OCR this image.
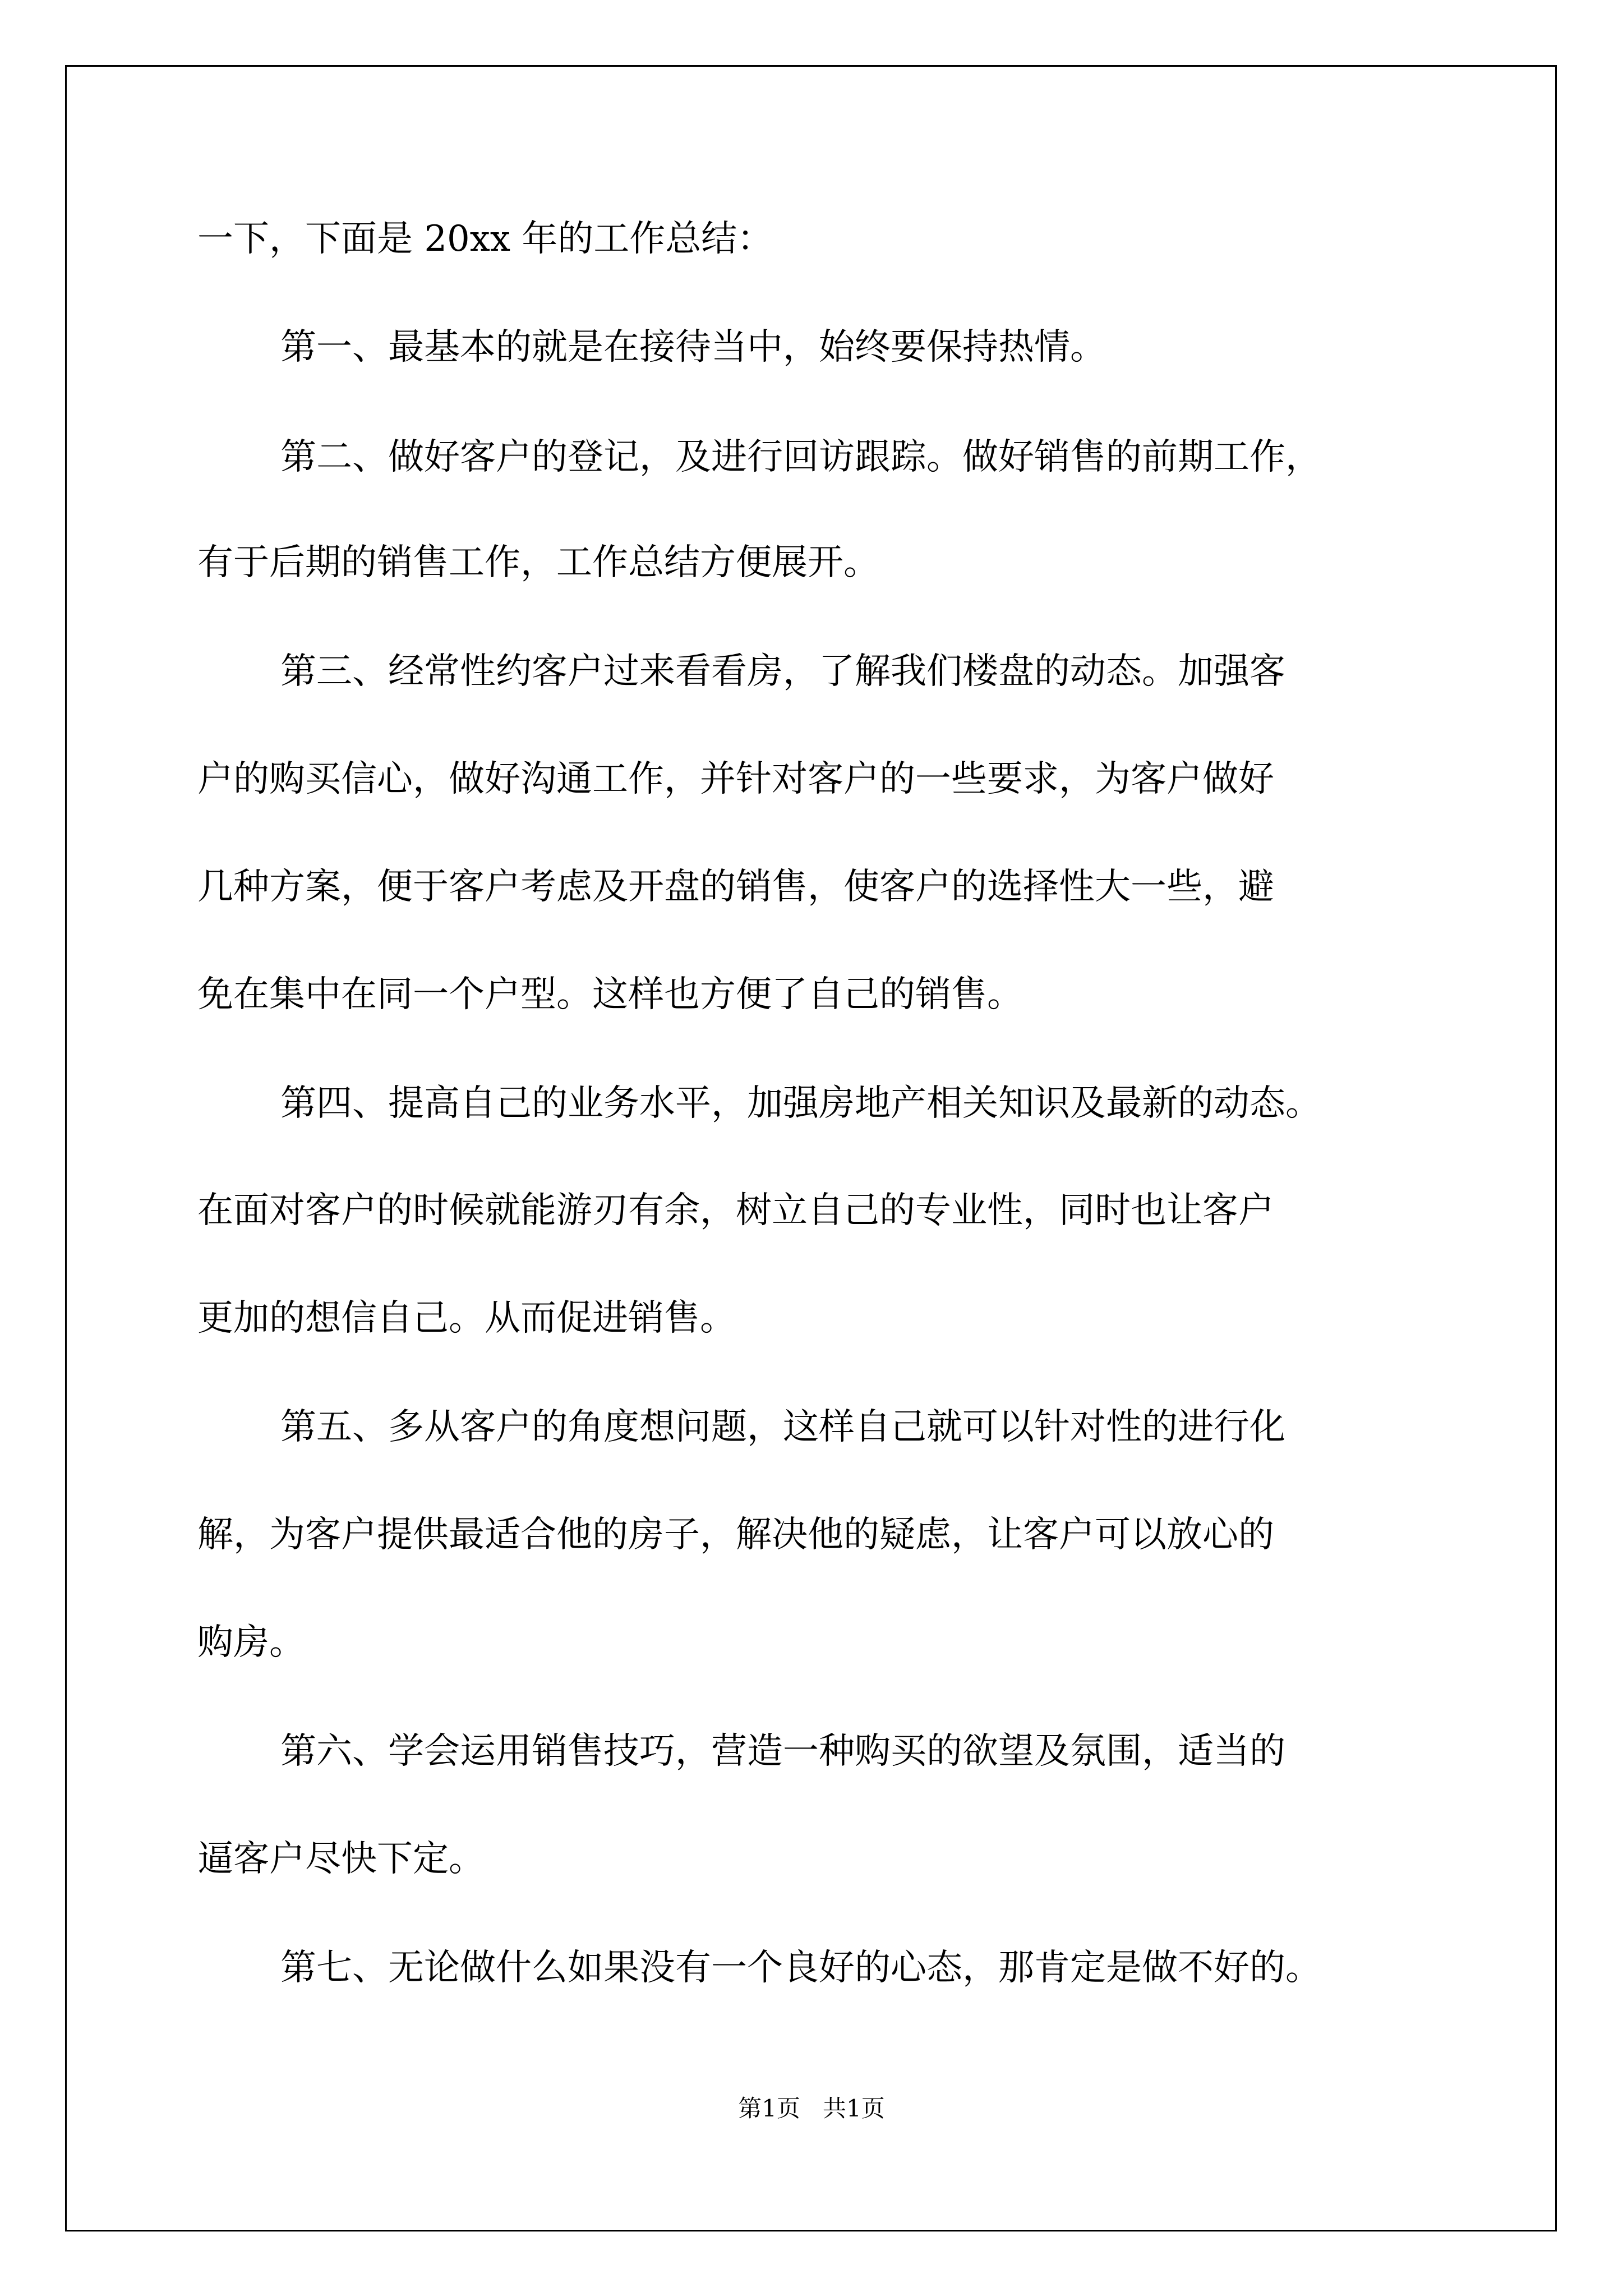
一下，下面是 20xx 年的工作总结：
第一、最基本的就是在接待当中，始终要保持热情。
第二、做好客户的登记，及进行回访跟踪。做好销售的前期工作，
有于后期的销售工作，工作总结方便展开。
第三、经常性约客户过来看看房，了解我们楼盘的动态。加强客
户的购买信心，做好沟通工作，并针对客户的一些要求，为客户做好
几种方案，便于客户考虑及开盘的销售，使客户的选择性大一些，避
免在集中在同一个户型。这样也方便了自己的销售。
第四、提高自己的业务水平，加强房地产相关知识及最新的动态。
在面对客户的时候就能游刃有余，树立自己的专业性，同时也让客户
更加的想信自己。从而促进销售。
第五、多从客户的角度想问题，这样自己就可以针对性的进行化
解，为客户提供最适合他的房子，解决他的疑虑，让客户可以放心的
购房。
第六、学会运用销售技巧，营造一种购买的欲望及氛围，适当的
逼客户尽快下定。
第七、无论做什么如果没有一个良好的心态，那肯定是做不好的。
第1页   共1页
